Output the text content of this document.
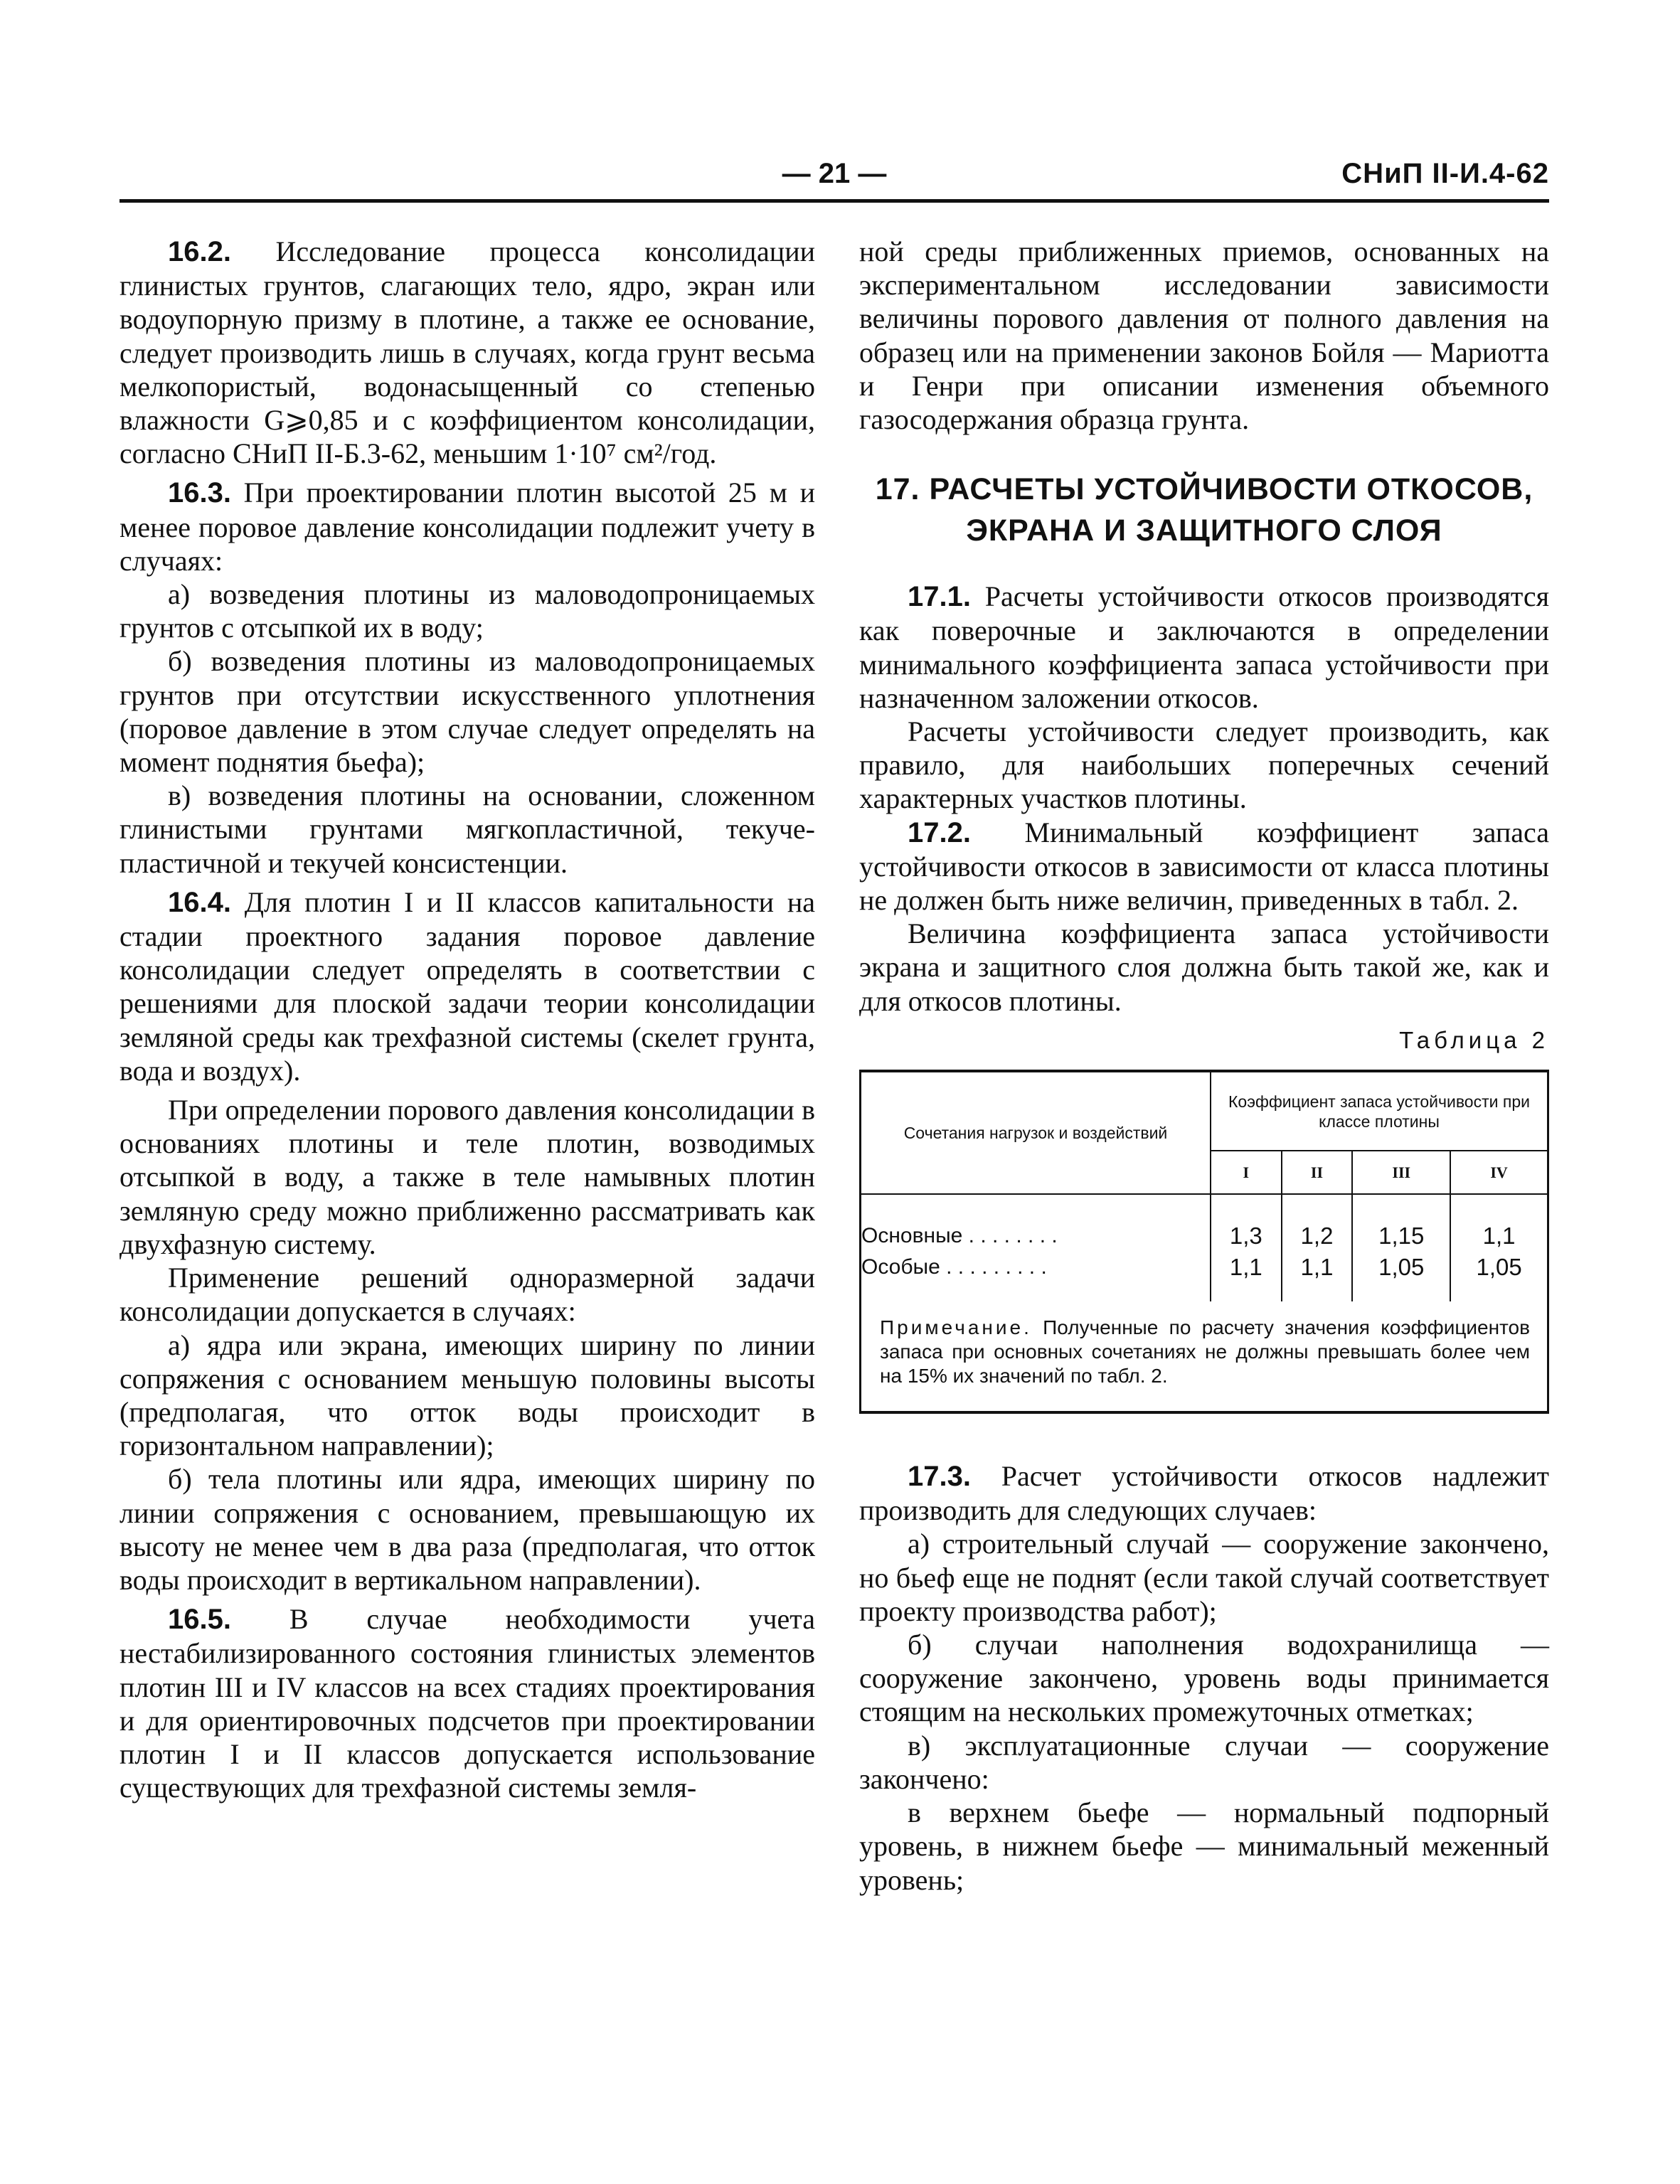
— 21 —	СНиП II-И.4-62

16.2. Исследование процесса консолидации глинистых грунтов, слагающих тело, ядро, экран или водоупорную призму в плотине, а также ее основание, следует производить лишь в случаях, когда грунт весьма мелкопористый, водонасыщенный со степенью влажности G⩾0,85 и с коэффициентом консолидации, согласно СНиП II-Б.3-62, меньшим 1·10⁷ см²/год.

16.3. При проектировании плотин высотой 25 м и менее поровое давление консолидации подлежит учету в случаях:

а) возведения плотины из маловодопроницаемых грунтов с отсыпкой их в воду;

б) возведения плотины из маловодопроницаемых грунтов при отсутствии искусственного уплотнения (поровое давление в этом случае следует определять на момент поднятия бьефа);

в) возведения плотины на основании, сложенном глинистыми грунтами мягкопластичной, текуче-пластичной и текучей консистенции.

16.4. Для плотин I и II классов капитальности на стадии проектного задания поровое давление консолидации следует определять в соответствии с решениями для плоской задачи теории консолидации земляной среды как трехфазной системы (скелет грунта, вода и воздух).

При определении порового давления консолидации в основаниях плотины и теле плотин, возводимых отсыпкой в воду, а также в теле намывных плотин земляную среду можно приближенно рассматривать как двухфазную систему.

Применение решений одноразмерной задачи консолидации допускается в случаях:

а) ядра или экрана, имеющих ширину по линии сопряжения с основанием меньшую половины высоты (предполагая, что отток воды происходит в горизонтальном направлении);

б) тела плотины или ядра, имеющих ширину по линии сопряжения с основанием, превышающую их высоту не менее чем в два раза (предполагая, что отток воды происходит в вертикальном направлении).

16.5. В случае необходимости учета нестабилизированного состояния глинистых элементов плотин III и IV классов на всех стадиях проектирования и для ориентировочных подсчетов при проектировании плотин I и II классов допускается использование существующих для трехфазной системы земля-

ной среды приближенных приемов, основанных на экспериментальном исследовании зависимости величины порового давления от полного давления на образец или на применении законов Бойля — Мариотта и Генри при описании изменения объемного газосодержания образца грунта.

17. РАСЧЕТЫ УСТОЙЧИВОСТИ ОТКОСОВ,
ЭКРАНА И ЗАЩИТНОГО СЛОЯ

17.1. Расчеты устойчивости откосов производятся как поверочные и заключаются в определении минимального коэффициента запаса устойчивости при назначенном заложении откосов.

Расчеты устойчивости следует производить, как правило, для наибольших поперечных сечений характерных участков плотины.

17.2. Минимальный коэффициент запаса устойчивости откосов в зависимости от класса плотины не должен быть ниже величин, приведенных в табл. 2.

Величина коэффициента запаса устойчивости экрана и защитного слоя должна быть такой же, как и для откосов плотины.

Таблица 2
Сочетания нагрузок и воздействий	Коэффициент запаса устойчивости при классе плотины			
	I	II	III	IV

Основные . . . . . . . .	1,3	1,2	1,15	1,1
Особые . . . . . . . . .	1,1	1,1	1,05	1,05

Примечание. Полученные по расчету значения коэффициентов запаса при основных сочетаниях не должны превышать более чем на 15% их значений по табл. 2.

17.3. Расчет устойчивости откосов надлежит производить для следующих случаев:

а) строительный случай — сооружение закончено, но бьеф еще не поднят (если такой случай соответствует проекту производства работ);

б) случаи наполнения водохранилища — сооружение закончено, уровень воды принимается стоящим на нескольких промежуточных отметках;

в) эксплуатационные случаи — сооружение закончено:

в верхнем бьефе — нормальный подпорный уровень, в нижнем бьефе — минимальный меженный уровень;
